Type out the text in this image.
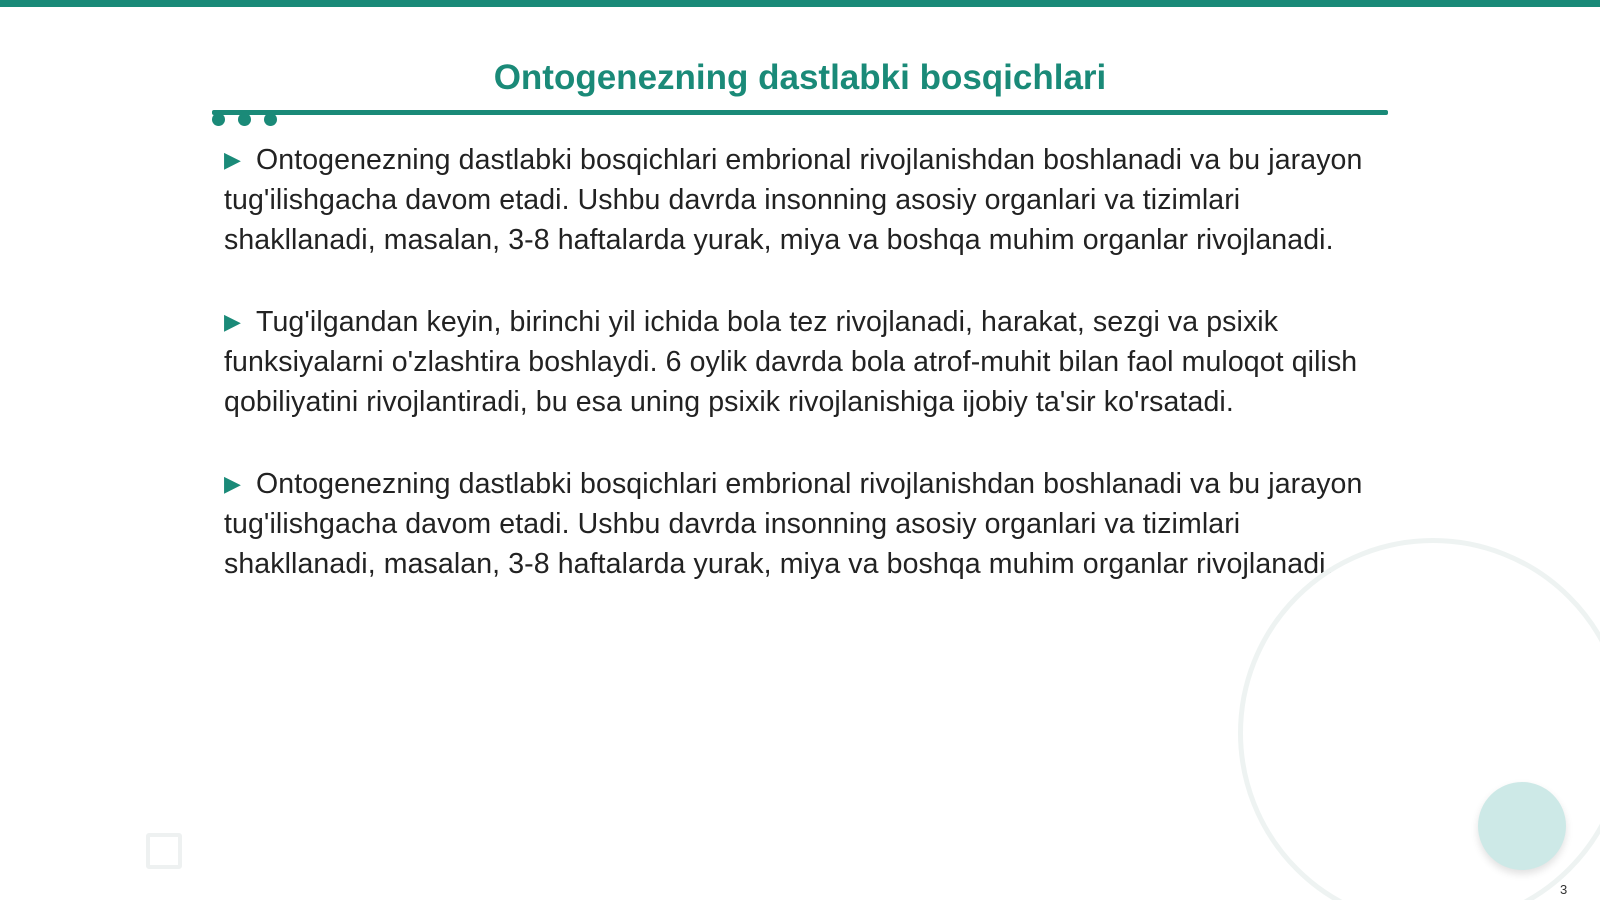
Ontogenezning dastlabki bosqichlari

▶ Ontogenezning dastlabki bosqichlari embrional rivojlanishdan boshlanadi va bu jarayon tug'ilishgacha davom etadi. Ushbu davrda insonning asosiy organlari va tizimlari shakllanadi, masalan, 3-8 haftalarda yurak, miya va boshqa muhim organlar rivojlanadi.

▶ Tug'ilgandan keyin, birinchi yil ichida bola tez rivojlanadi, harakat, sezgi va psixik funksiyalarni o'zlashtira boshlaydi. 6 oylik davrda bola atrof-muhit bilan faol muloqot qilish qobiliyatini rivojlantiradi, bu esa uning psixik rivojlanishiga ijobiy ta'sir ko'rsatadi.

▶ Ontogenezning dastlabki bosqichlari embrional rivojlanishdan boshlanadi va bu jarayon tug'ilishgacha davom etadi. Ushbu davrda insonning asosiy organlari va tizimlari shakllanadi, masalan, 3-8 haftalarda yurak, miya va boshqa muhim organlar rivojlanadi.

3
